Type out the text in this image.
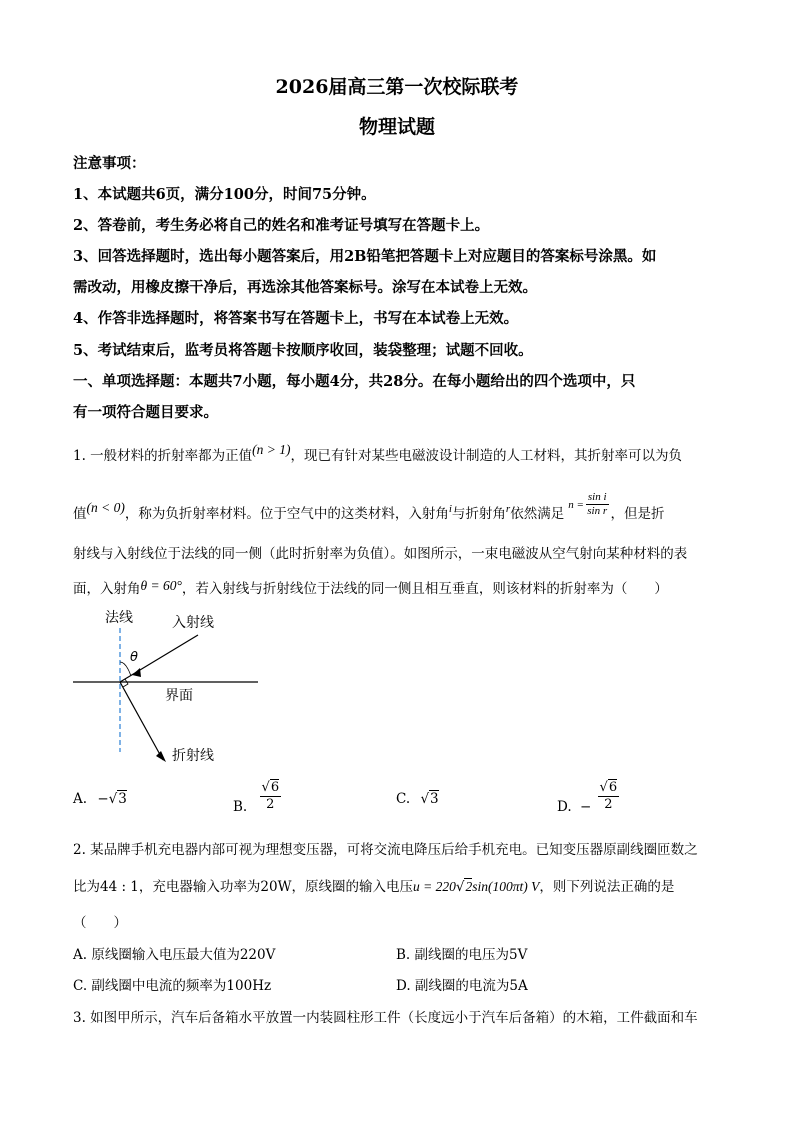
2026届高三第一次校际联考
物理试题
注意事项：
1、本试题共6页，满分100分，时间75分钟。
2、答卷前，考生务必将自己的姓名和准考证号填写在答题卡上。
3、回答选择题时，选出每小题答案后，用2B铅笔把答题卡上对应题目的答案标号涂黑。如
需改动，用橡皮擦干净后，再选涂其他答案标号。涂写在本试卷上无效。
4、作答非选择题时，将答案书写在答题卡上，书写在本试卷上无效。
5、考试结束后，监考员将答题卡按顺序收回，装袋整理；试题不回收。
一、单项选择题：本题共7小题，每小题4分，共28分。在每小题给出的四个选项中，只
有一项符合题目要求。
1. 一般材料的折射率都为正值(n > 1)，现已有针对某些电磁波设计制造的人工材料，其折射率可以为负
值(n < 0)，称为负折射率材料。位于空气中的这类材料，入射角$^i$与折射角$^r$依然满足$^{n =} \frac{\text{sin i}}{\text{sin r}}$ ，但是折
射线与入射线位于法线的同一侧（此时折射率为负值）。如图所示，一束电磁波从空气射向某种材料的表
面，入射角θ = 60°，若入射线与折射线位于法线的同一侧且相互垂直，则该材料的折射率为（　　）
法线	入射线
θ
界面
折射线
A. −√3	B. $\frac{√6}{2}$	C. √3	D. − $\frac{√6}{2}$
2. 某品牌手机充电器内部可视为理想变压器，可将交流电降压后给手机充电。已知变压器原副线圈匝数之
比为44 : 1，充电器输入功率为20W，原线圈的输入电压u = 220√2sin(100πt) V，则下列说法正确的是
（　　）
A. 原线圈输入电压最大值为220V	B. 副线圈的电压为5V
C. 副线圈中电流的频率为100Hz	D. 副线圈的电流为5A
3. 如图甲所示，汽车后备箱水平放置一内装圆柱形工件（长度远小于汽车后备箱）的木箱，工件截面和车
